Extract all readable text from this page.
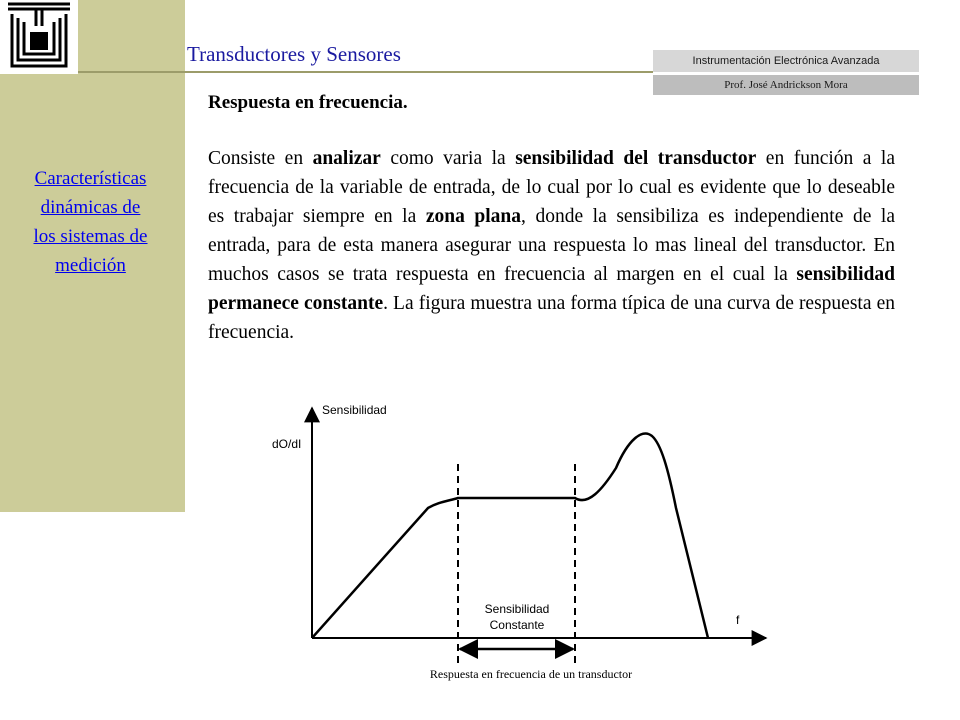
Transductores y Sensores	Instrumentación Electrónica Avanzada
Prof. José Andrickson Mora
Características
dinámicas de
los sistemas de
medición
Respuesta en frecuencia.
Consiste en analizar como varia la sensibilidad del transductor en función a la frecuencia de la variable de entrada, de lo cual por lo cual es evidente que lo deseable es trabajar siempre en la zona plana, donde la sensibiliza es independiente de la entrada, para de esta manera asegurar una respuesta lo mas lineal del transductor. En muchos casos se trata respuesta en frecuencia al margen en el cual la sensibilidad permanece constante. La figura muestra una forma típica de una curva de respuesta en frecuencia.
Sensibilidad
dO/dI
f
Sensibilidad
Constante
Respuesta en frecuencia de un transductor
